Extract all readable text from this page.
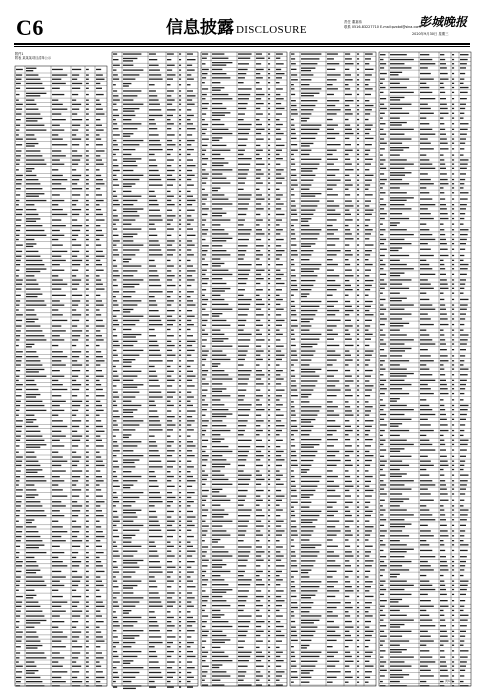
C6	信息披露 DISCLOSURE
责任 董嘉伟
联系 0516-83227710 E-mail:pzxbd@sina.com
彭城晚报
2020年9月30日 星期三
附件1
附表 某某某项目清单公示
共1页
